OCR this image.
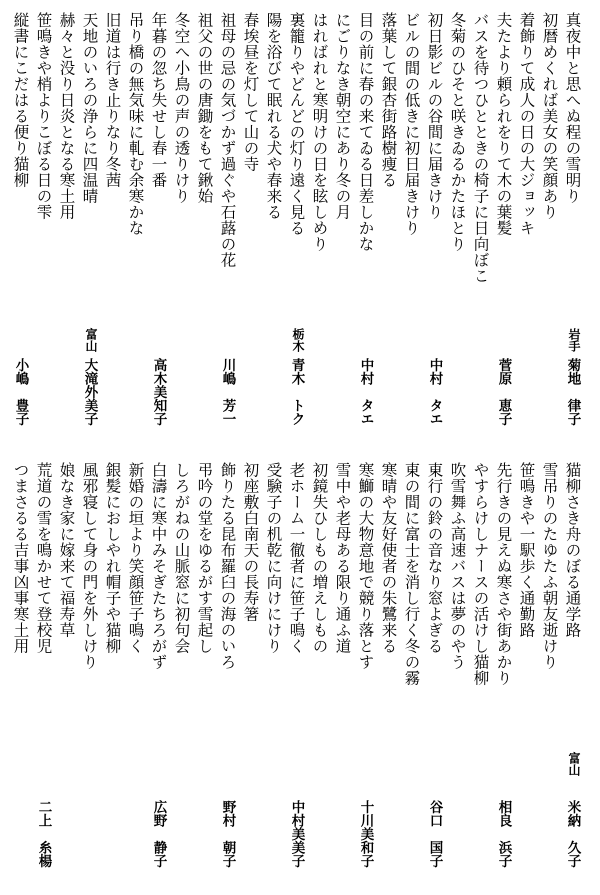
真夜中と思へぬ程の雪明り
初暦めくれば美女の笑顔あり
着飾りて成人の日の大ジョッキ
夫たより頼られをりて木の葉髪
バスを待つひとときの椅子に日向ぼこ
冬菊のひそと咲きゐるかたほとり
初日影ビルの谷間に届きけり
ビルの間の低きに初日届きけり
落葉して銀杏街路樹痩る
目の前に春の来てゐる日差しかな
にごりなき朝空にあり冬の月
はればれと寒明けの日を眩しめり
裏籠りやどんどの灯り遠く見る
陽を浴びて眠れる犬や春来る
春埃昼を灯して山の寺
祖母の忌の気づかず過ぐや石蕗の花
祖父の世の唐鋤をもて鍬始
冬空へ小鳥の声の透りけり
年暮の忽ち失せし春一番
吊り橋の無気味に軋む余寒かな
旧道は行き止りなり冬茜
天地のいろの浄らに四温晴
赫々と没り日炎となる寒土用
笹鳴きや梢よりこぼる日の雫
縦書にこだはる便り猫柳
岩手
菊地　律子
菅原　恵子
中村　タエ
中村　タエ
栃木
青木　トク
川嶋　芳一
高木美知子
富山
大滝外美子
小嶋　豊子
猫柳さき舟のぼる通学路
雪吊りのたゆたふ朝友逝けり
笹鳴きや一駅歩く通勤路
先行きの見えぬ寒さや街あかり
やすらけしナースの活けし猫柳
吹雪舞ふ高速バスは夢のやう
東行の鈴の音なり窓よぎる
東の間に富士を消し行く冬の霧
寒晴や友好使者の朱鷺来る
寒鰤の大物意地で競り落とす
雪中や老母ある限り通ふ道
初鏡失ひしもの増えしもの
老ホーム一徹者に笹子鳴く
受験子の机乾に向けにけり
初座敷白南天の長寿箸
飾りたる昆布羅臼の海のいろ
弔吟の堂をゆるがす雪起し
しろがねの山脈窓に初句会
白濤に寒中みそぎたちろがず
新婚の垣より笑顔笹子鳴く
銀髪におしやれ帽子や猫柳
風邪寝して身の門を外しけり
娘なき家に嫁来て福寿草
荒道の雪を鳴かせて登校児
つまさるる吉事凶事寒土用
富山
米納　久子
相良　浜子
谷口　国子
十川美和子
中村美美子
野村　朝子
広野　静子
二上　糸楊
